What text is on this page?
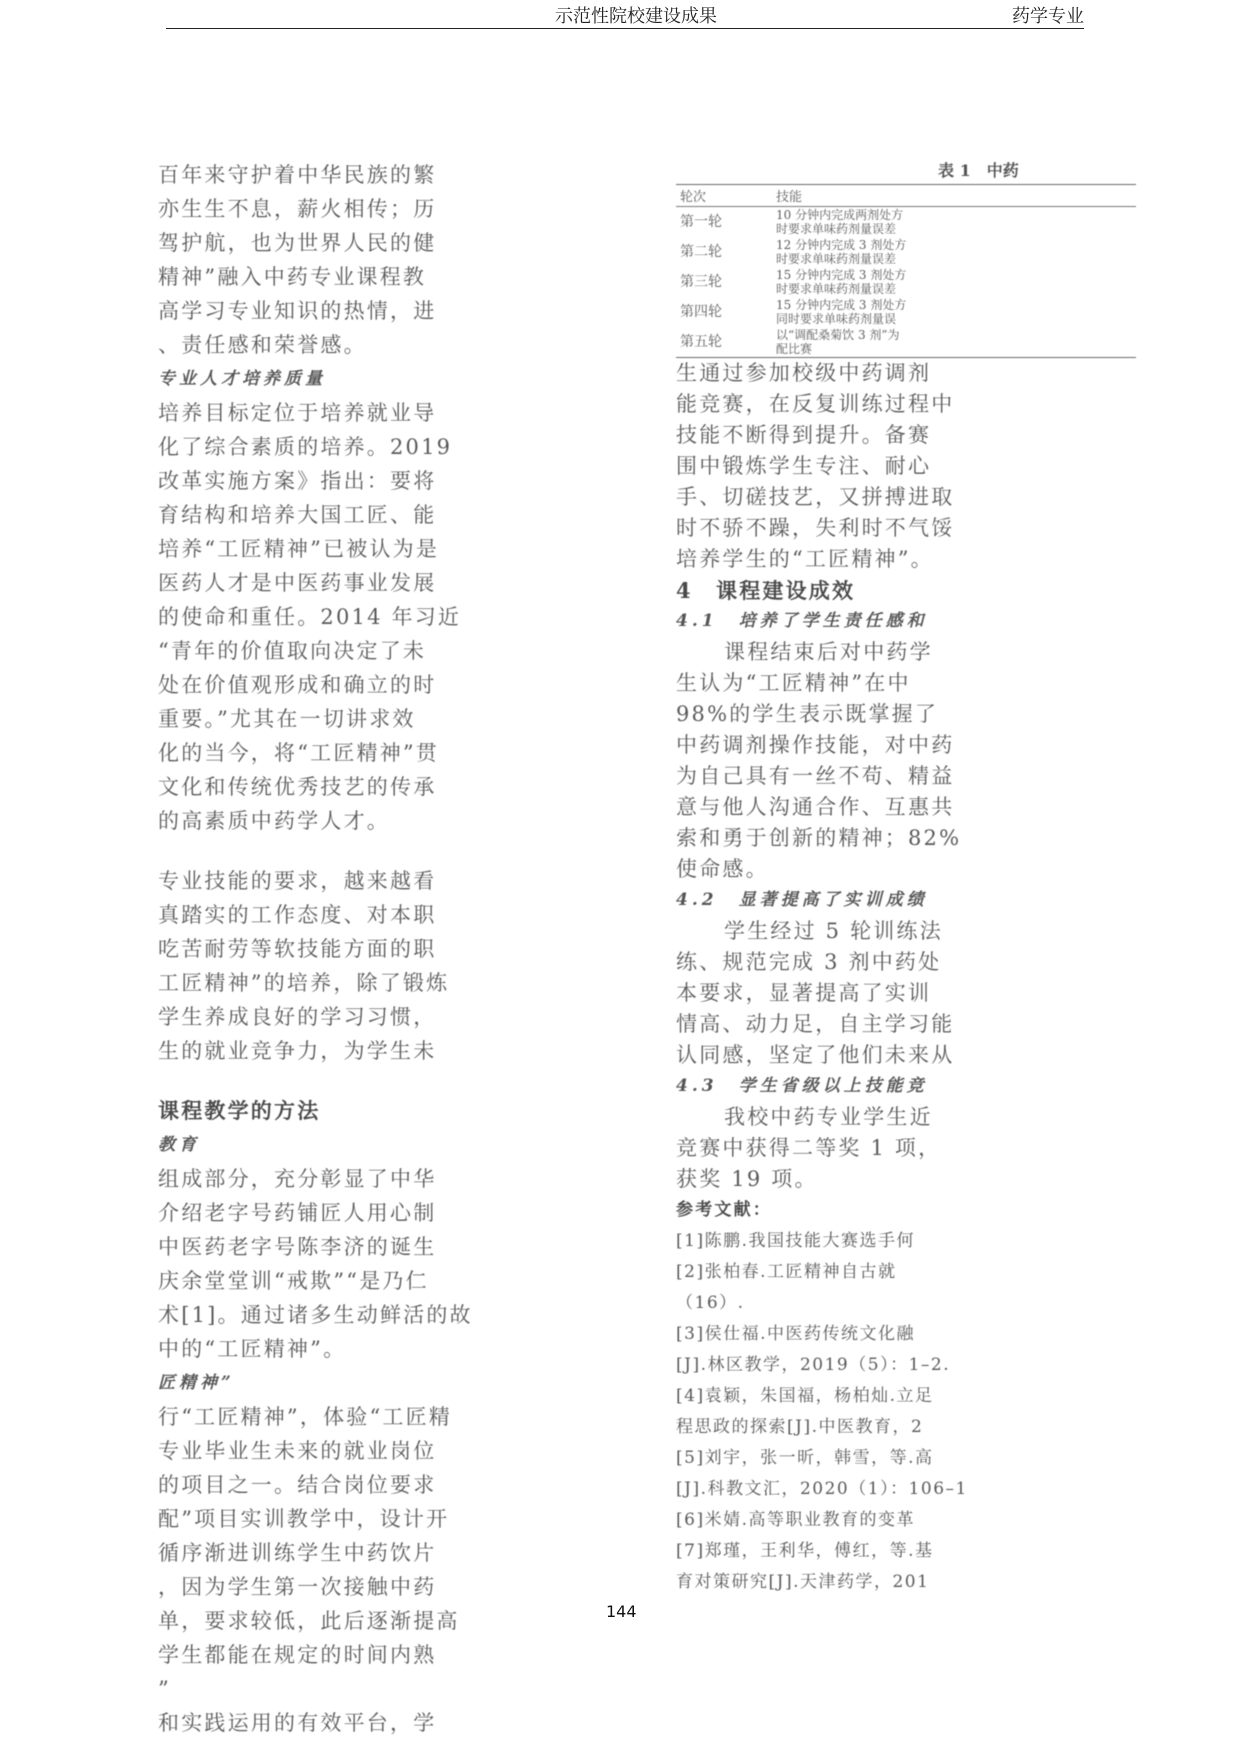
示范性院校建设成果	药学专业
百年来守护着中华民族的繁
亦生生不息，薪火相传；历
驾护航，也为世界人民的健
精神”融入中药专业课程教
高学习专业知识的热情，进
、责任感和荣誉感。
专业人才培养质量
培养目标定位于培养就业导
化了综合素质的培养。2019
改革实施方案》指出：要将
育结构和培养大国工匠、能
培养“工匠精神”已被认为是
医药人才是中医药事业发展
的使命和重任。2014 年习近
“青年的价值取向决定了未
处在价值观形成和确立的时
重要。”尤其在一切讲求效
化的当今，将“工匠精神”贯
文化和传统优秀技艺的传承
的高素质中药学人才。
专业技能的要求，越来越看
真踏实的工作态度、对本职
吃苦耐劳等软技能方面的职
工匠精神”的培养，除了锻炼
学生养成良好的学习习惯，
生的就业竞争力，为学生未
课程教学的方法
教育
组成部分，充分彰显了中华
介绍老字号药铺匠人用心制
中医药老字号陈李济的诞生
庆余堂堂训“戒欺”“是乃仁
术[1]。通过诸多生动鲜活的故
中的“工匠精神”。
匠精神”
行“工匠精神”，体验“工匠精
专业毕业生未来的就业岗位
的项目之一。结合岗位要求
配”项目实训教学中，设计开
循序渐进训练学生中药饮片
，因为学生第一次接触中药
单，要求较低，此后逐渐提高
学生都能在规定的时间内熟
”
和实践运用的有效平台，学
表 1　中药
轮次	技能
第一轮	10 分钟内完成两剂处方
时要求单味药剂量误差

第二轮	12 分钟内完成 3 剂处方
时要求单味药剂量误差

第三轮	15 分钟内完成 3 剂处方
时要求单味药剂量误差

第四轮	15 分钟内完成 3 剂处方
同时要求单味药剂量误

第五轮	以“调配桑菊饮 3 剂”为
配比赛
生通过参加校级中药调剂
能竞赛，在反复训练过程中
技能不断得到提升。备赛
围中锻炼学生专注、耐心
手、切磋技艺，又拼搏进取
时不骄不躁，失利时不气馁
培养学生的“工匠精神”。
4　课程建设成效
4.1　培养了学生责任感和
课程结束后对中药学
生认为“工匠精神”在中
98%的学生表示既掌握了
中药调剂操作技能，对中药
为自己具有一丝不苟、精益
意与他人沟通合作、互惠共
索和勇于创新的精神；82%
使命感。
4.2　显著提高了实训成绩
学生经过 5 轮训练法
练、规范完成 3 剂中药处
本要求，显著提高了实训
情高、动力足，自主学习能
认同感，坚定了他们未来从
4.3　学生省级以上技能竞
我校中药专业学生近
竞赛中获得二等奖 1 项，
获奖 19 项。
参考文献：
[1]陈鹏.我国技能大赛选手何
[2]张柏春.工匠精神自古就
（16）.
[3]侯仕福.中医药传统文化融
[J].林区教学，2019（5）：1–2.
[4]袁颖，朱国福，杨柏灿.立足
程思政的探索[J].中医教育，2
[5]刘宇，张一昕，韩雪，等.高
[J].科教文汇，2020（1）：106–1
[6]米婧.高等职业教育的变革
[7]郑瑾，王利华，傅红，等.基
育对策研究[J].天津药学，201
144
